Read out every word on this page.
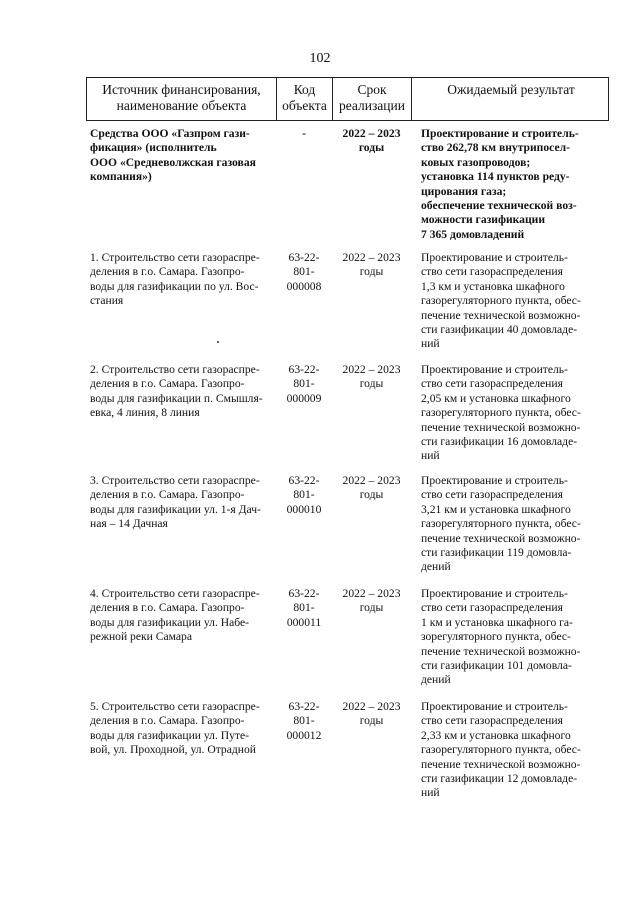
102
Источник финансирования, наименование объекта
Код объекта
Срок реализации
Ожидаемый результат
Средства ООО «Газпром гази-
фикация» (исполнитель
ООО «Средневолжская газовая
компания»)
-	2022 – 2023
годы
Проектирование и строитель-
ство 262,78 км внутрипосел-
ковых газопроводов;
установка 114 пунктов реду-
цирования газа;
обеспечение технической воз-
можности газификации
7 365 домовладений
1. Строительство сети газораспре-
деления в г.о. Самара. Газопро-
воды для газификации по ул. Вос-
стания
63-22-
801-
000008
2022 – 2023
годы
Проектирование и строитель-
ство сети газораспределения
1,3 км и установка шкафного
газорегуляторного пункта, обес-
печение технической возможно-
сти газификации 40 домовладе-
ний
2. Строительство сети газораспре-
деления в г.о. Самара. Газопро-
воды для газификации п. Смышля-
евка, 4 линия, 8 линия
63-22-
801-
000009
2022 – 2023
годы
Проектирование и строитель-
ство сети газораспределения
2,05 км и установка шкафного
газорегуляторного пункта, обес-
печение технической возможно-
сти газификации 16 домовладе-
ний
3. Строительство сети газораспре-
деления в г.о. Самара. Газопро-
воды для газификации ул. 1-я Дач-
ная – 14 Дачная
63-22-
801-
000010
2022 – 2023
годы
Проектирование и строитель-
ство сети газораспределения
3,21 км и установка шкафного
газорегуляторного пункта, обес-
печение технической возможно-
сти газификации 119 домовла-
дений
4. Строительство сети газораспре-
деления в г.о. Самара. Газопро-
воды для газификации ул. Набе-
режной реки Самара
63-22-
801-
000011
2022 – 2023
годы
Проектирование и строитель-
ство сети газораспределения
1 км и установка шкафного га-
зорегуляторного пункта, обес-
печение технической возможно-
сти газификации 101 домовла-
дений
5. Строительство сети газораспре-
деления в г.о. Самара. Газопро-
воды для газификации ул. Путе-
вой, ул. Проходной, ул. Отрадной
63-22-
801-
000012
2022 – 2023
годы
Проектирование и строитель-
ство сети газораспределения
2,33 км и установка шкафного
газорегуляторного пункта, обес-
печение технической возможно-
сти газификации 12 домовладе-
ний
